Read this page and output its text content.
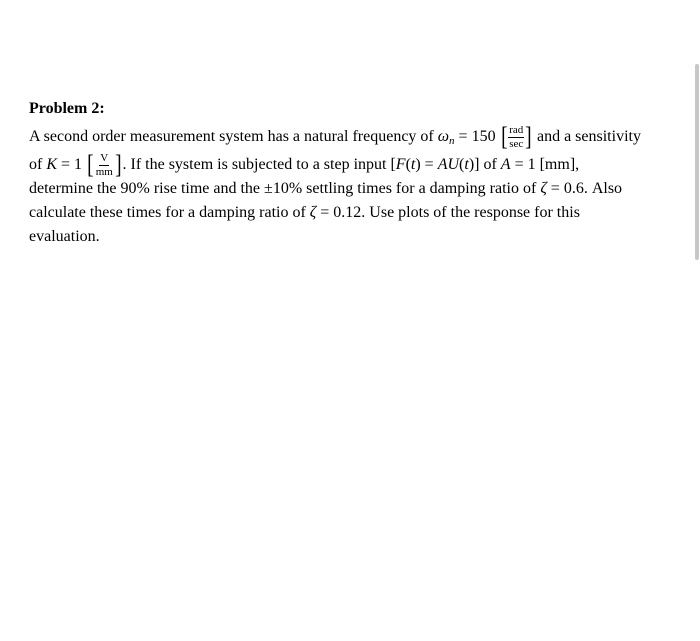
Problem 2:

A second order measurement system has a natural frequency of $\omega_n = 150$ [ $\frac{\text{rad}}{\sec}$ ] and a sensitivity
of K = 1 [ $\frac{V}{mm}$ ] . If the system is subjected to a step input [F(t) = AU(t)] of A = 1 [mm],
determine the 90% rise time and the ±10% settling times for a damping ratio of ζ = 0.6. Also
calculate these times for a damping ratio of ζ = 0.12. Use plots of the response for this
evaluation.
